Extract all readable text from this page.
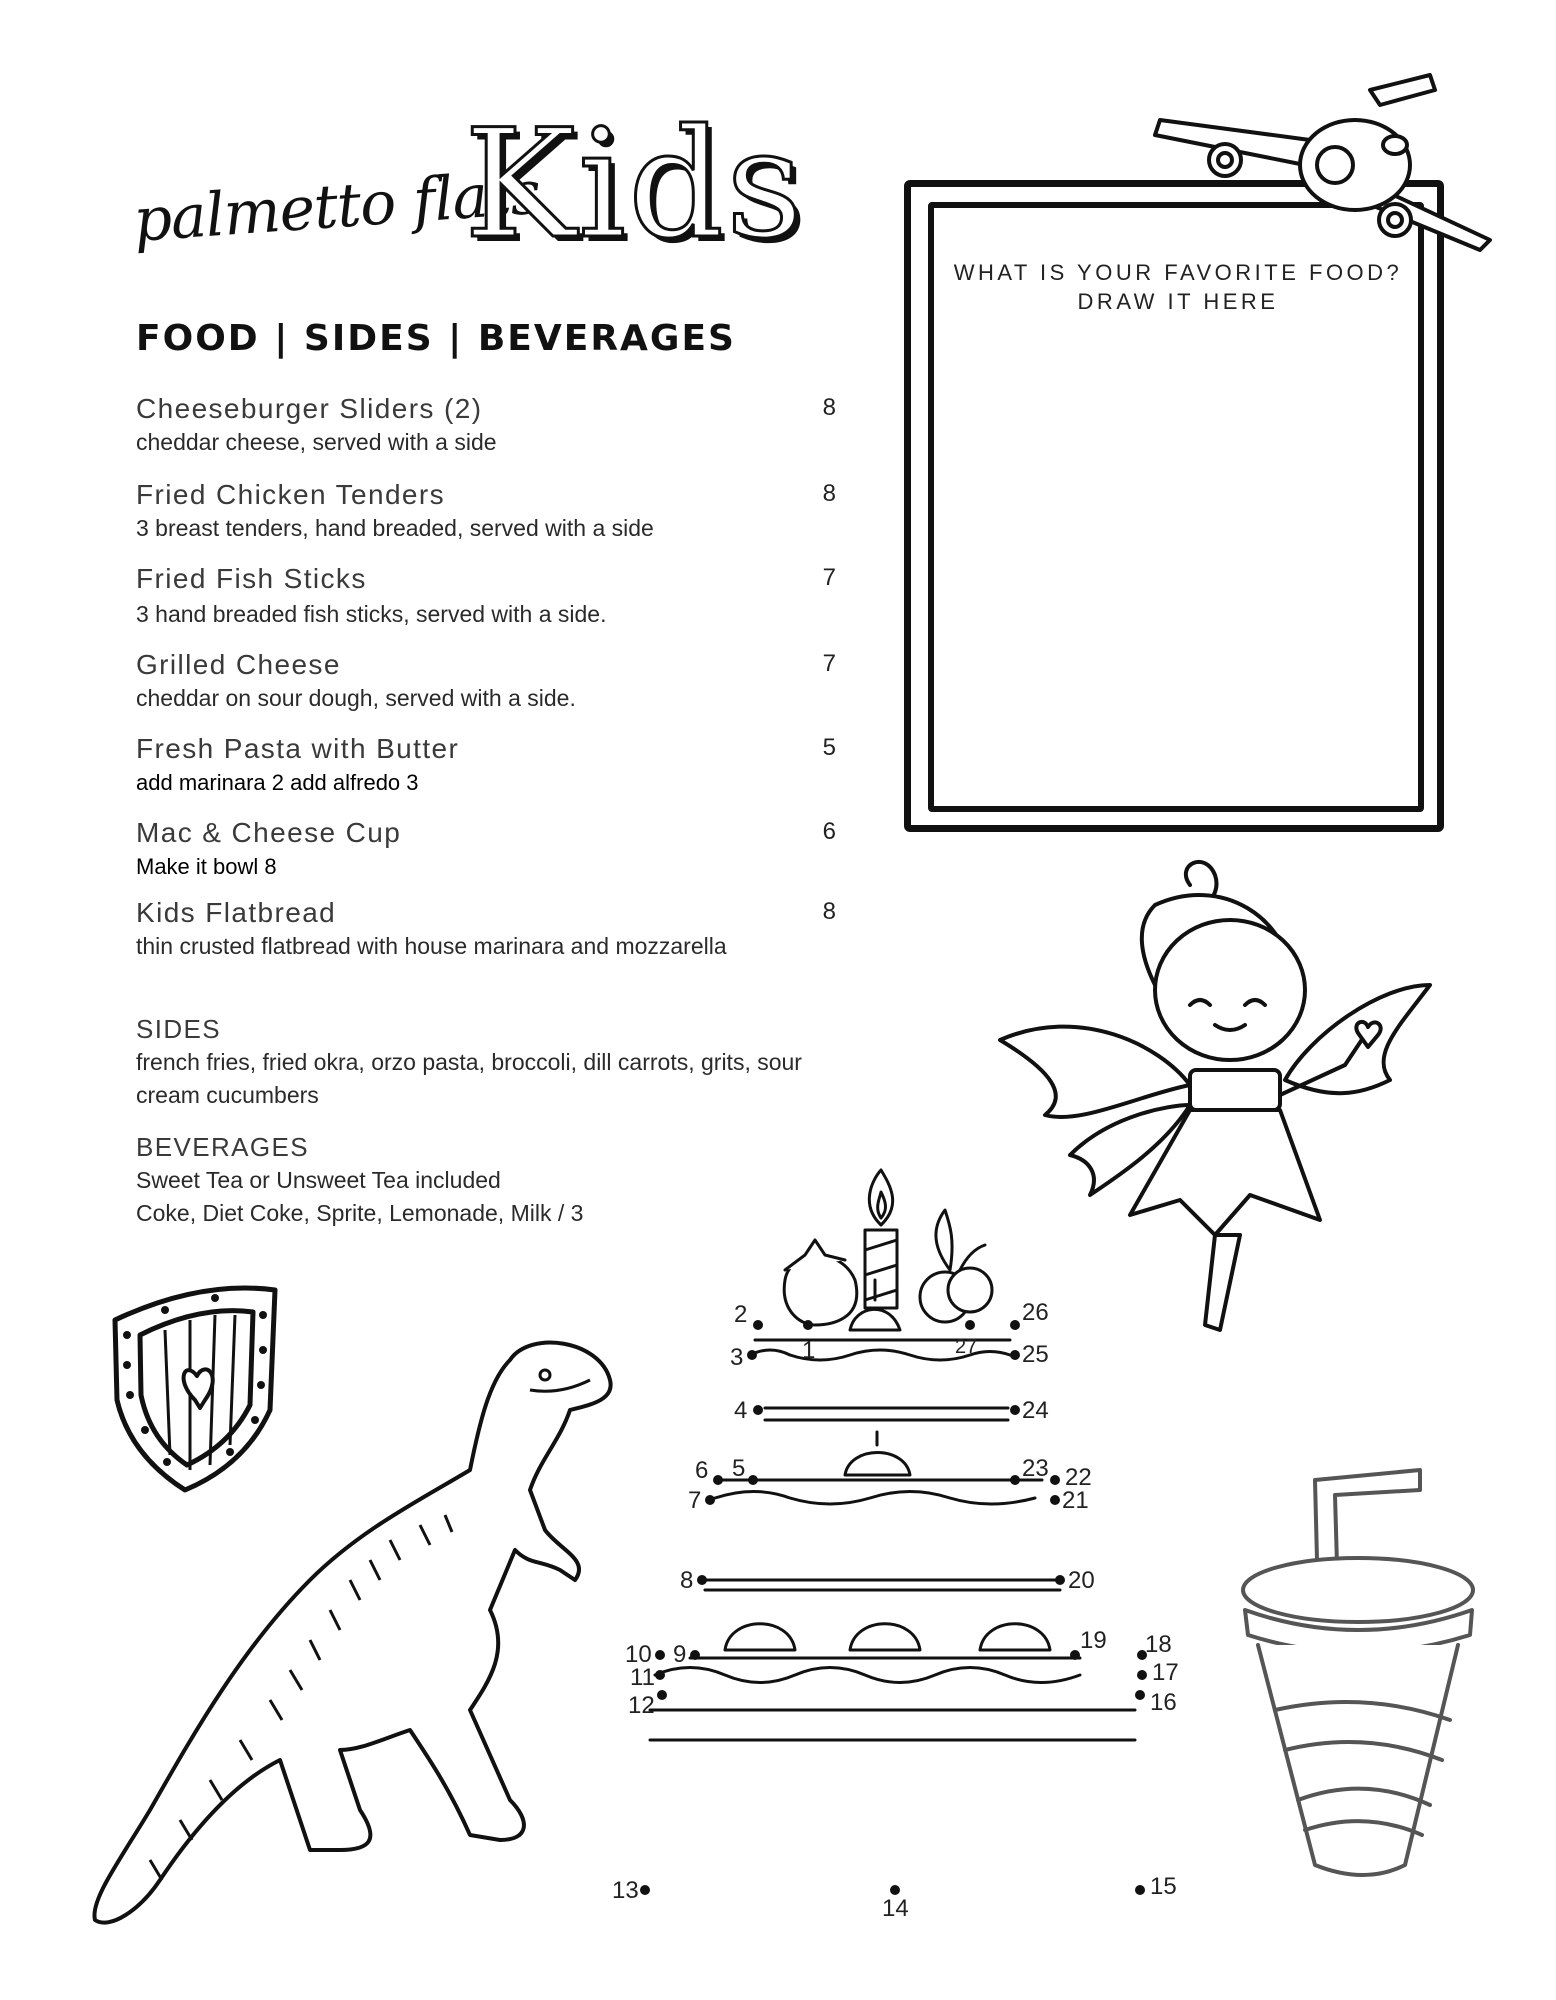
palmetto flats
Kids
FOOD | SIDES | BEVERAGES
Cheeseburger Sliders (2)	8
cheddar cheese, served with a side
Fried Chicken Tenders	8
3 breast tenders, hand breaded, served with a side
Fried Fish Sticks	7
3 hand breaded fish sticks, served with a side.
Grilled Cheese	7
cheddar on sour dough, served with a side.
Fresh Pasta with Butter	5
add marinara 2 add alfredo 3
Mac & Cheese Cup	6
Make it bowl 8
Kids Flatbread	8
thin crusted flatbread with house marinara and mozzarella
SIDES
french fries, fried okra, orzo pasta, broccoli, dill carrots, grits, sour cream cucumbers
BEVERAGES
Sweet Tea or Unsweet Tea included
Coke, Diet Coke, Sprite, Lemonade, Milk / 3
WHAT IS YOUR FAVORITE FOOD?
DRAW IT HERE
1
2
3
4
5
6
7
8
9
10
11
12
13
14
15
16
17
18
19
20
21
22
23
24
25
26
27
